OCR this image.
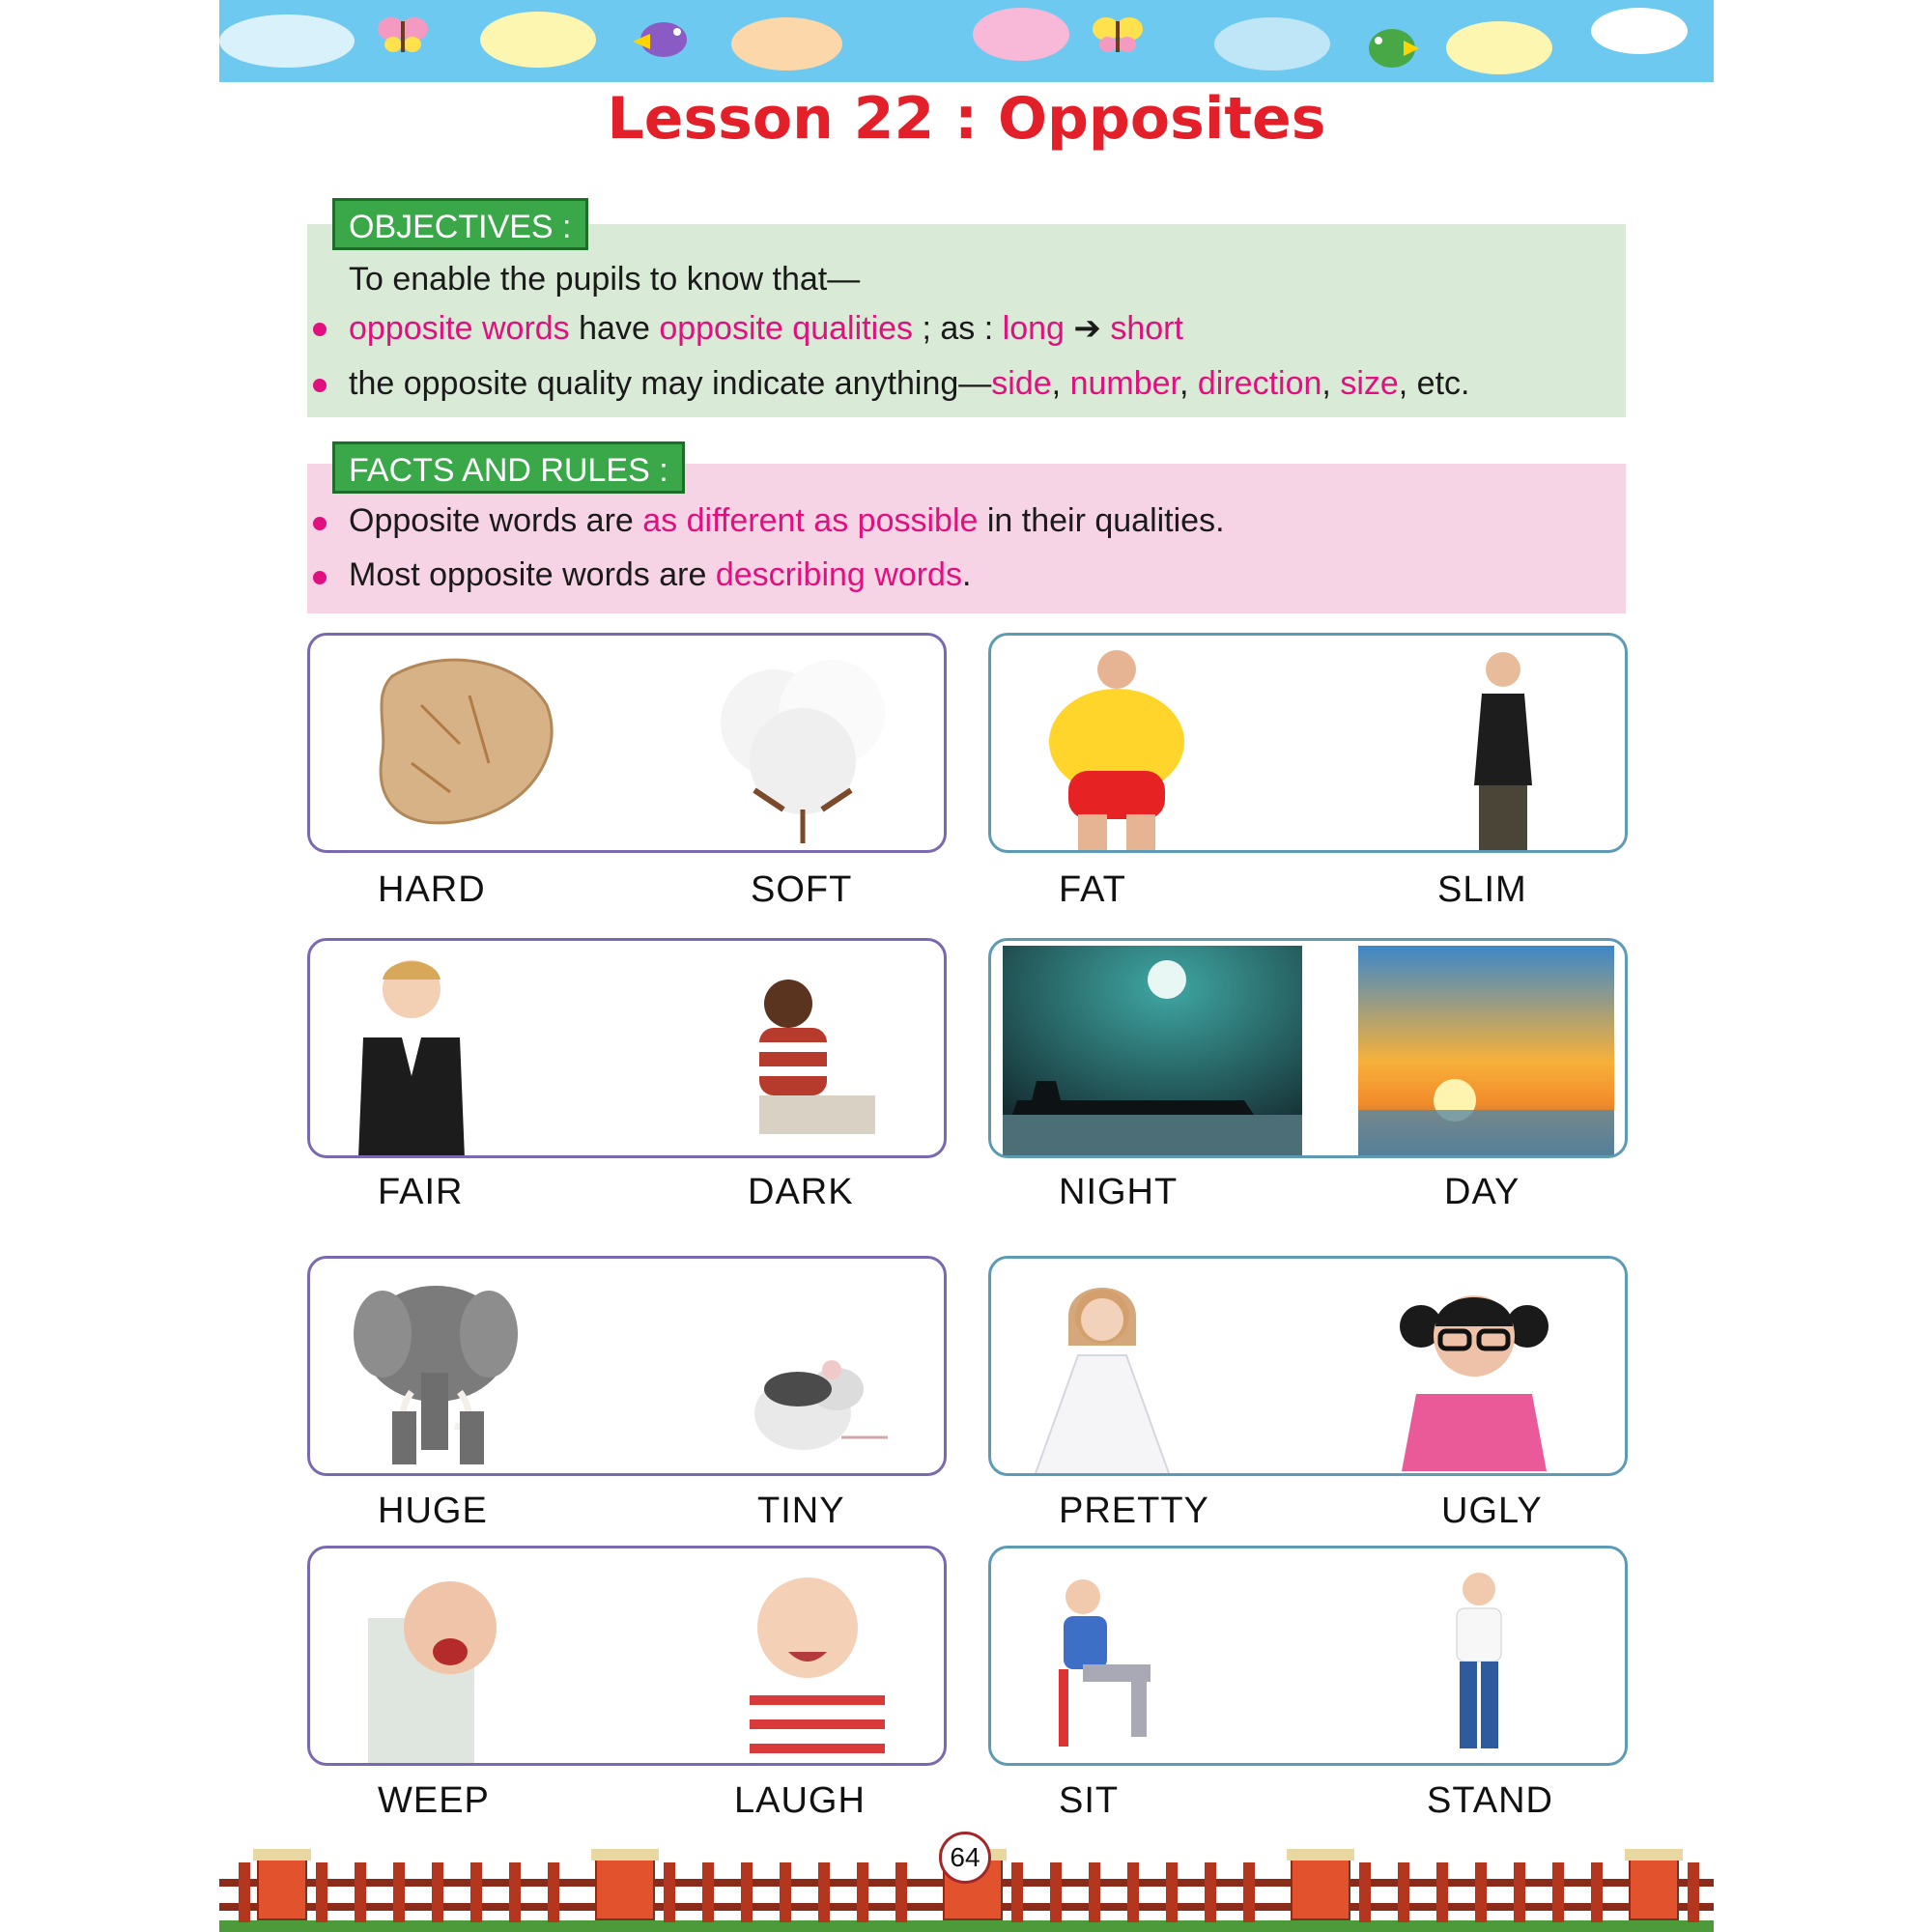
Lesson 22 : Opposites
OBJECTIVES :
To enable the pupils to know that—
opposite words have opposite qualities ; as : long ➔ short
the opposite quality may indicate anything—side, number, direction, size, etc.
FACTS AND RULES :
Opposite words are as different as possible in their qualities.
Most opposite words are describing words.
HARD	SOFT	FAT	SLIM
FAIR	DARK	NIGHT	DAY
HUGE	TINY	PRETTY	UGLY
WEEP	LAUGH	SIT	STAND
64
